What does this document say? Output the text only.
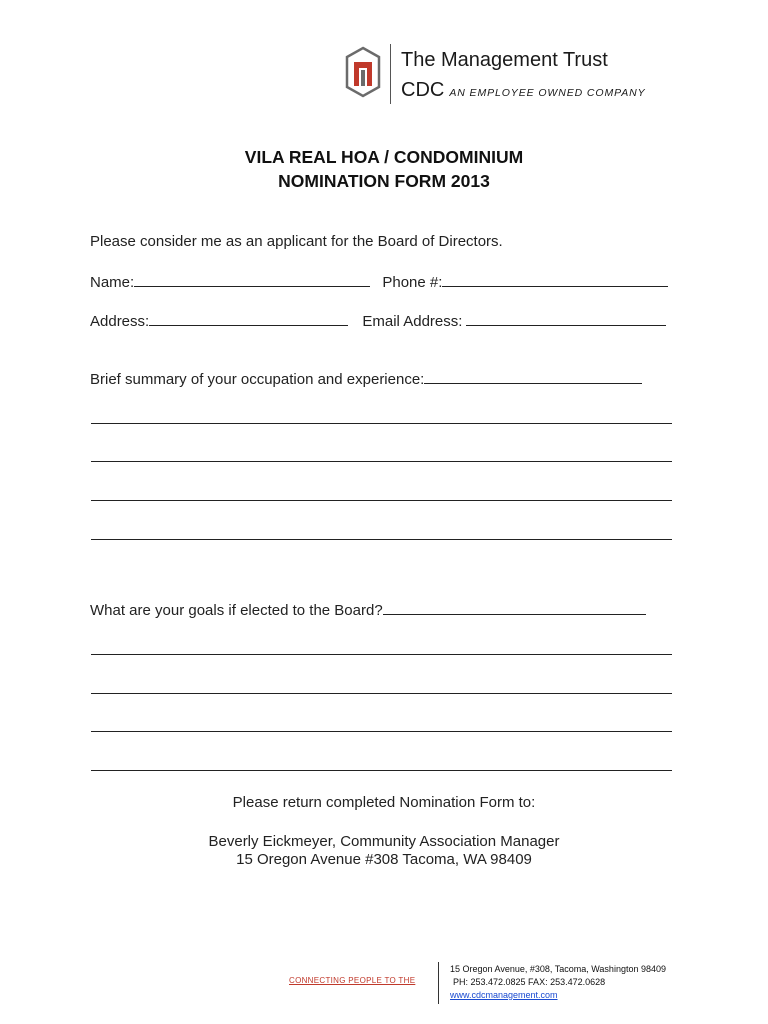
The Management Trust
CDC AN EMPLOYEE OWNED COMPANY
VILA REAL HOA / CONDOMINIUM
NOMINATION FORM 2013
Please consider me as an applicant for the Board of Directors.
Name:	Phone #:
Address:	Email Address:
Brief summary of your occupation and experience:
What are your goals if elected to the Board?
Please return completed Nomination Form to:
Beverly Eickmeyer, Community Association Manager
15 Oregon Avenue #308 Tacoma, WA 98409
CONNECTING PEOPLE TO THE
15 Oregon Avenue, #308, Tacoma, Washington 98409
PH: 253.472.0825 FAX: 253.472.0628
www.cdcmanagement.com
